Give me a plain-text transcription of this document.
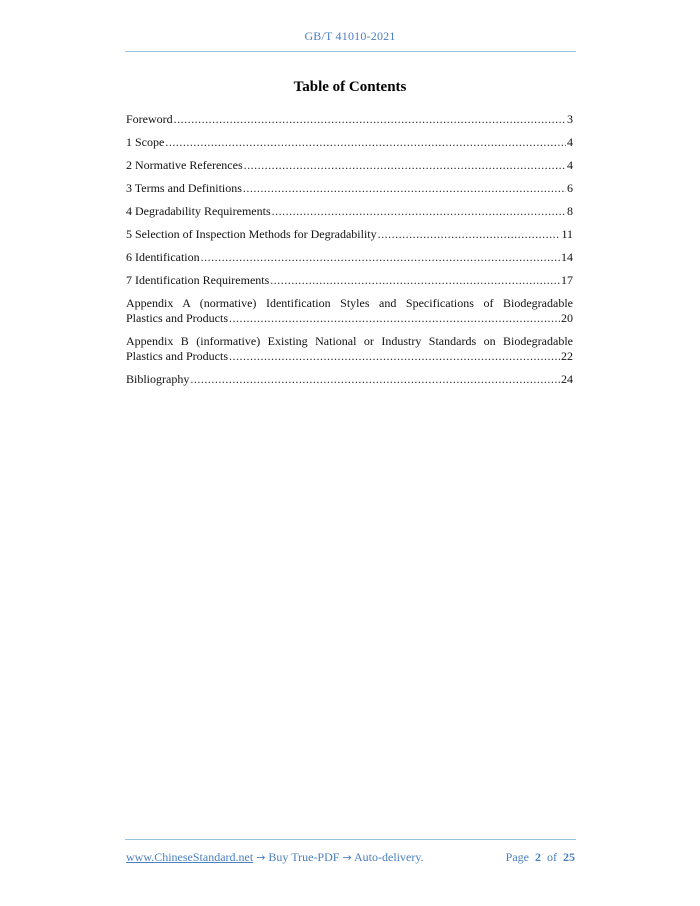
GB/T 41010-2021
Table of Contents
Foreword .....	3
1 Scope .....	4
2 Normative References .....	4
3 Terms and Definitions .....	6
4 Degradability Requirements .....	8
5 Selection of Inspection Methods for Degradability .....	11
6 Identification .....	14
7 Identification Requirements .....	17
Appendix A (normative) Identification Styles and Specifications of Biodegradable
Plastics and Products .....	20
Appendix B (informative) Existing National or Industry Standards on Biodegradable
Plastics and Products .....	22
Bibliography .....	24
www.ChineseStandard.net → Buy True-PDF → Auto-delivery.	Page 2 of 25
